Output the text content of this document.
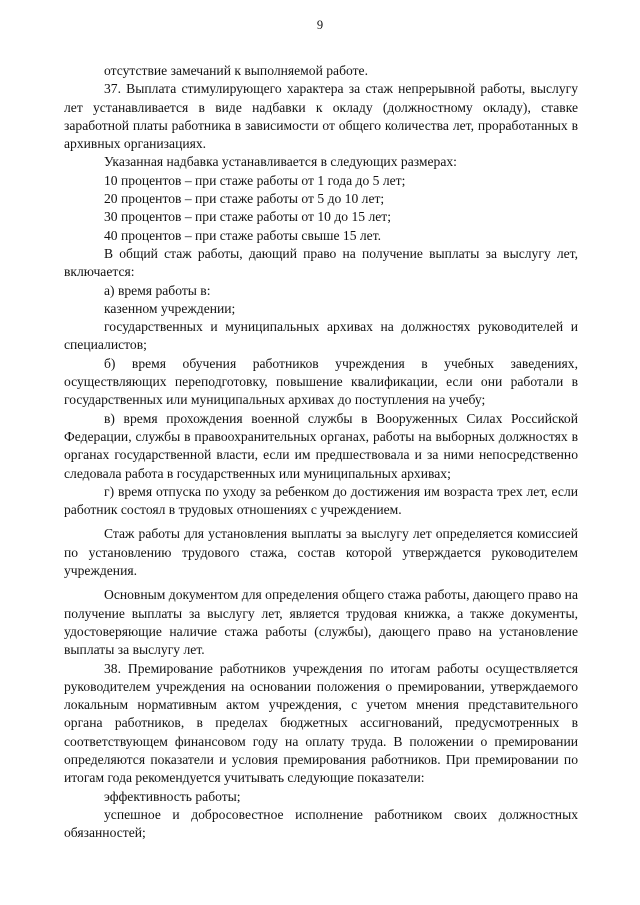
9

отсутствие замечаний к выполняемой работе.

37. Выплата стимулирующего характера за стаж непрерывной работы, выслугу лет устанавливается в виде надбавки к окладу (должностному окладу), ставке заработной платы работника в зависимости от общего количества лет, проработанных в архивных организациях.

Указанная надбавка устанавливается в следующих размерах:

10 процентов – при стаже работы от 1 года до 5 лет;

20 процентов – при стаже работы от 5 до 10 лет;

30 процентов – при стаже работы от 10 до 15 лет;

40 процентов – при стаже работы свыше 15 лет.

В общий стаж работы, дающий право на получение выплаты за выслугу лет, включается:

а) время работы в:

казенном учреждении;

государственных и муниципальных архивах на должностях руководителей и специалистов;

б) время обучения работников учреждения в учебных заведениях, осуществляющих переподготовку, повышение квалификации, если они работали в государственных или муниципальных архивах до поступления на учебу;

в) время прохождения военной службы в Вооруженных Силах Российской Федерации, службы в правоохранительных органах, работы на выборных должностях в органах государственной власти, если им предшествовала и за ними непосредственно следовала работа в государственных или муниципальных архивах;

г) время отпуска по уходу за ребенком до достижения им возраста трех лет, если работник состоял в трудовых отношениях с учреждением.

Стаж работы для установления выплаты за выслугу лет определяется комиссией по установлению трудового стажа, состав которой утверждается руководителем учреждения.

Основным документом для определения общего стажа работы, дающего право на получение выплаты за выслугу лет, является трудовая книжка, а также документы, удостоверяющие наличие стажа работы (службы), дающего право на установление выплаты за выслугу лет.

38. Премирование работников учреждения по итогам работы осуществляется руководителем учреждения на основании положения о премировании, утверждаемого локальным нормативным актом учреждения, с учетом мнения представительного органа работников, в пределах бюджетных ассигнований, предусмотренных в соответствующем финансовом году на оплату труда. В положении о премировании определяются показатели и условия премирования работников. При премировании по итогам года рекомендуется учитывать следующие показатели:

эффективность работы;

успешное и добросовестное исполнение работником своих должностных обязанностей;
